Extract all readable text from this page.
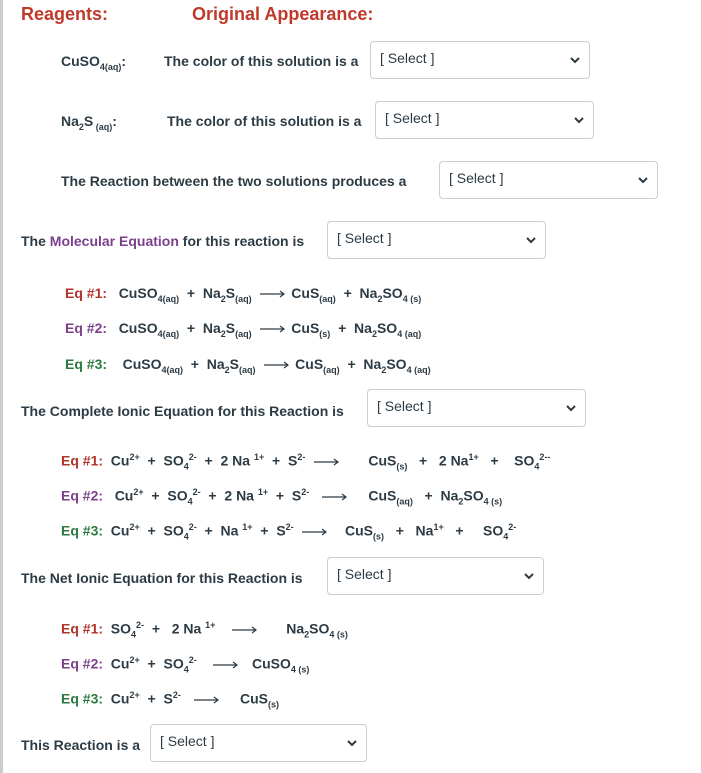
Reagents:	Original Appearance:
CuSO$_{4(aq)}$:	The color of this solution is a [ Select ]
$Na_2S$ $_{(aq)}$:	The color of this solution is a [ Select ]
The Reaction between the two solutions produces a	[ Select ]
The Molecular Equation for this reaction is [ Select ]
Eq #1: CuSO$_{4(aq)}$ + $Na_2S_{(aq)}$	$CuS_{(aq)} + Na_2SO_{4 (s)}$
Eq #2: CuSO$_{4(aq)}$ + $Na_2S_{(aq)}$	$CuS_{(s)} + Na_2SO_{4 (aq)}$
Eq #3: CuSO$_{4(aq)}$ + $Na_2S_{(aq)}$	$CuS_{(aq)} + Na_2SO_{4 (aq)}$
The Complete Ionic Equation for this Reaction is [ Select ]
Eq #1: $Cu^{2+} + SO_4^{2-} + 2$ Na $^{1+} + S^{2-}$	CuS$_{(s)}$ + 2 $Na^{1+} + SO_4^{2--}$
Eq #2: $Cu^{2+} + SO_4^{2-} + 2$ Na $^{1+} + S^{2-}$	$CuS_{(aq)} + Na_2SO_{4 (s)}$
Eq #3: $Cu^{2+} + SO_4^{2-} + Na$ $^{1+} + S^{2-}$	$CuS_{(s)} + Na^{1+} + SO_4^{2-}$
The Net Ionic Equation for this Reaction is [ Select ]
Eq #1: $SO_4^{2-} + 2$ Na $^{1+}$	$Na_2SO_{4 (s)}$
Eq #2: $Cu^{2+} + SO_4^{2-}$	CuSO$_{4 (s)}$
Eq #3: $Cu^{2+} + S^{2-}$	CuS$_{(s)}$
This Reaction is a [ Select ]
